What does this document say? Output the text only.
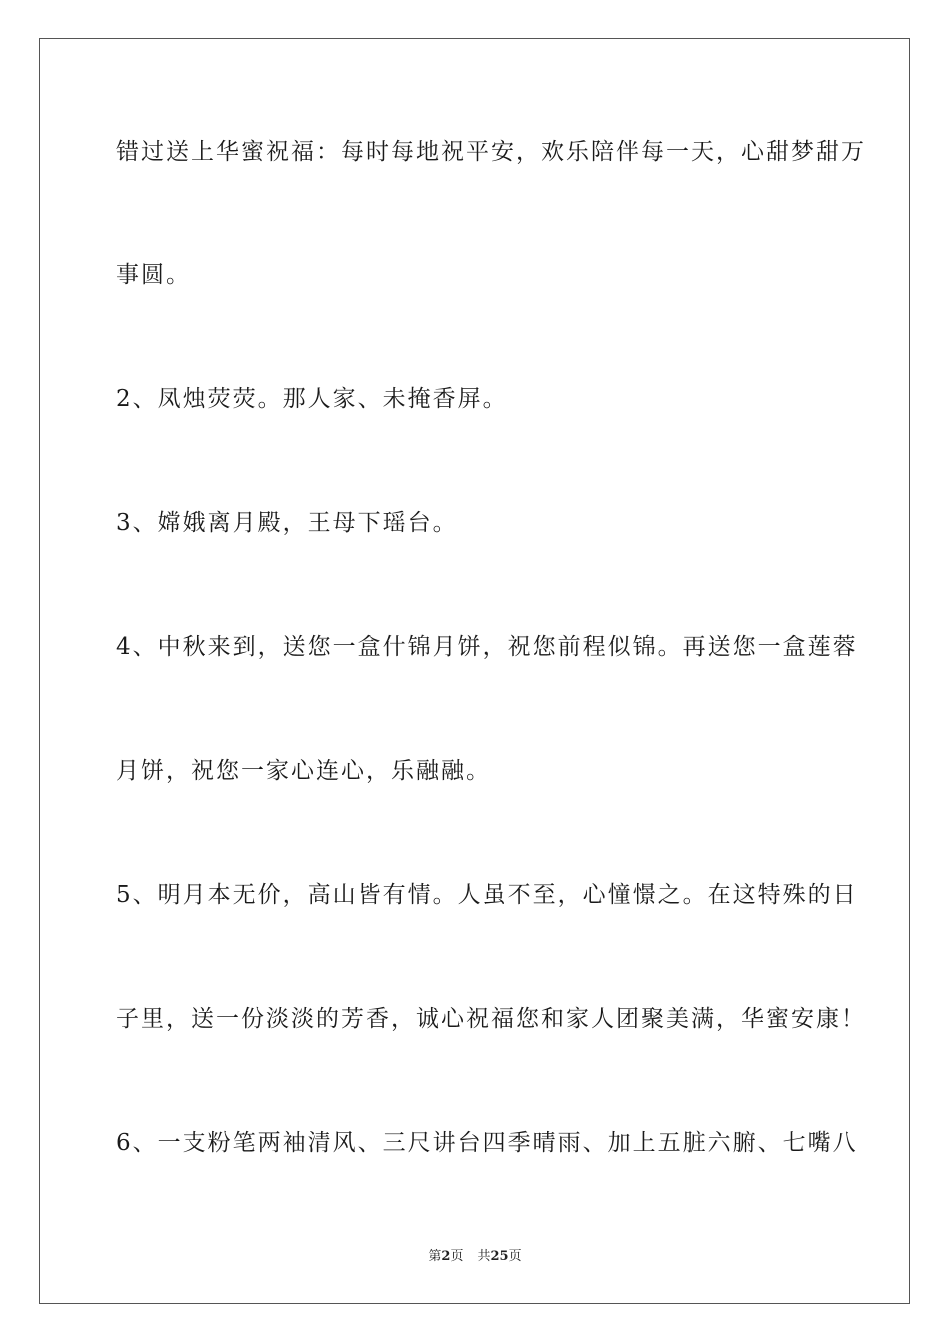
错过送上华蜜祝福：每时每地祝平安，欢乐陪伴每一天，心甜梦甜万
事圆。
2、凤烛荧荧。那人家、未掩香屏。
3、嫦娥离月殿，王母下瑶台。
4、中秋来到，送您一盒什锦月饼，祝您前程似锦。再送您一盒莲蓉
月饼，祝您一家心连心，乐融融。
5、明月本无价，高山皆有情。人虽不至，心憧憬之。在这特殊的日
子里，送一份淡淡的芳香，诚心祝福您和家人团聚美满，华蜜安康！
6、一支粉笔两袖清风、三尺讲台四季晴雨、加上五脏六腑、七嘴八
第2页 共25页
